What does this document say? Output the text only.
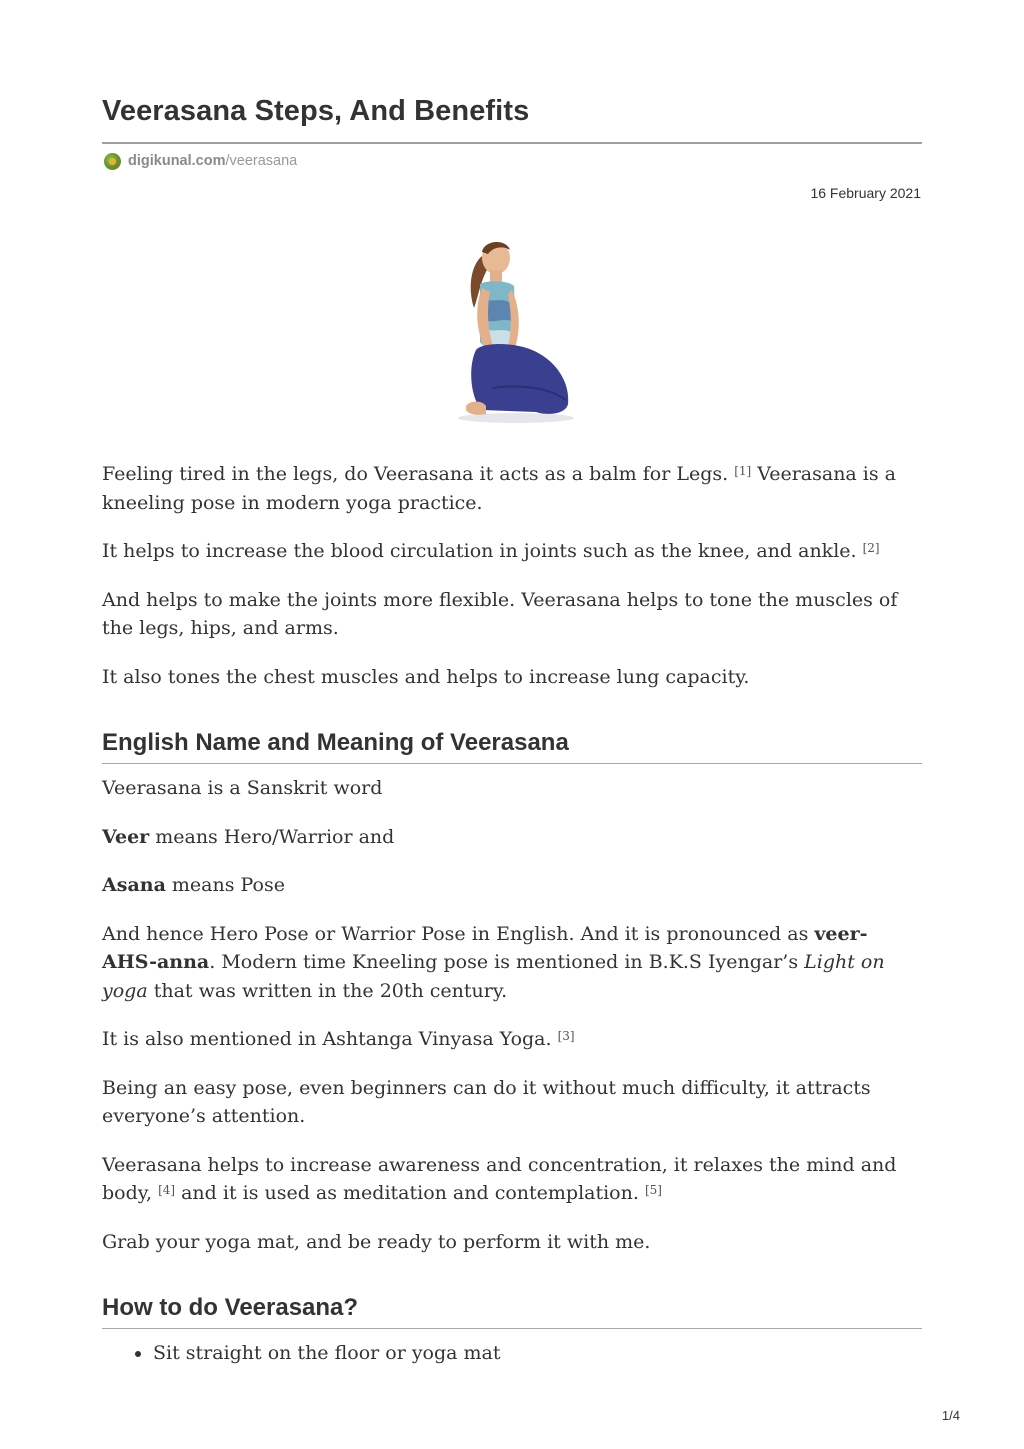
Veerasana Steps, And Benefits
digikunal.com /veerasana
16 February 2021

Feeling tired in the legs, do Veerasana it acts as a balm for Legs. [1] Veerasana is a kneeling pose in modern yoga practice.

It helps to increase the blood circulation in joints such as the knee, and ankle. [2]

And helps to make the joints more flexible. Veerasana helps to tone the muscles of the legs, hips, and arms.

It also tones the chest muscles and helps to increase lung capacity.

English Name and Meaning of Veerasana

Veerasana is a Sanskrit word

Veer means Hero/Warrior and

Asana means Pose

And hence Hero Pose or Warrior Pose in English. And it is pronounced as veer-AHS-anna. Modern time Kneeling pose is mentioned in B.K.S Iyengar’s Light on yoga that was written in the 20th century.

It is also mentioned in Ashtanga Vinyasa Yoga. [3]

Being an easy pose, even beginners can do it without much difficulty, it attracts everyone’s attention.

Veerasana helps to increase awareness and concentration, it relaxes the mind and body, [4] and it is used as meditation and contemplation. [5]

Grab your yoga mat, and be ready to perform it with me.

How to do Veerasana?
• Sit straight on the floor or yoga mat
1/4
